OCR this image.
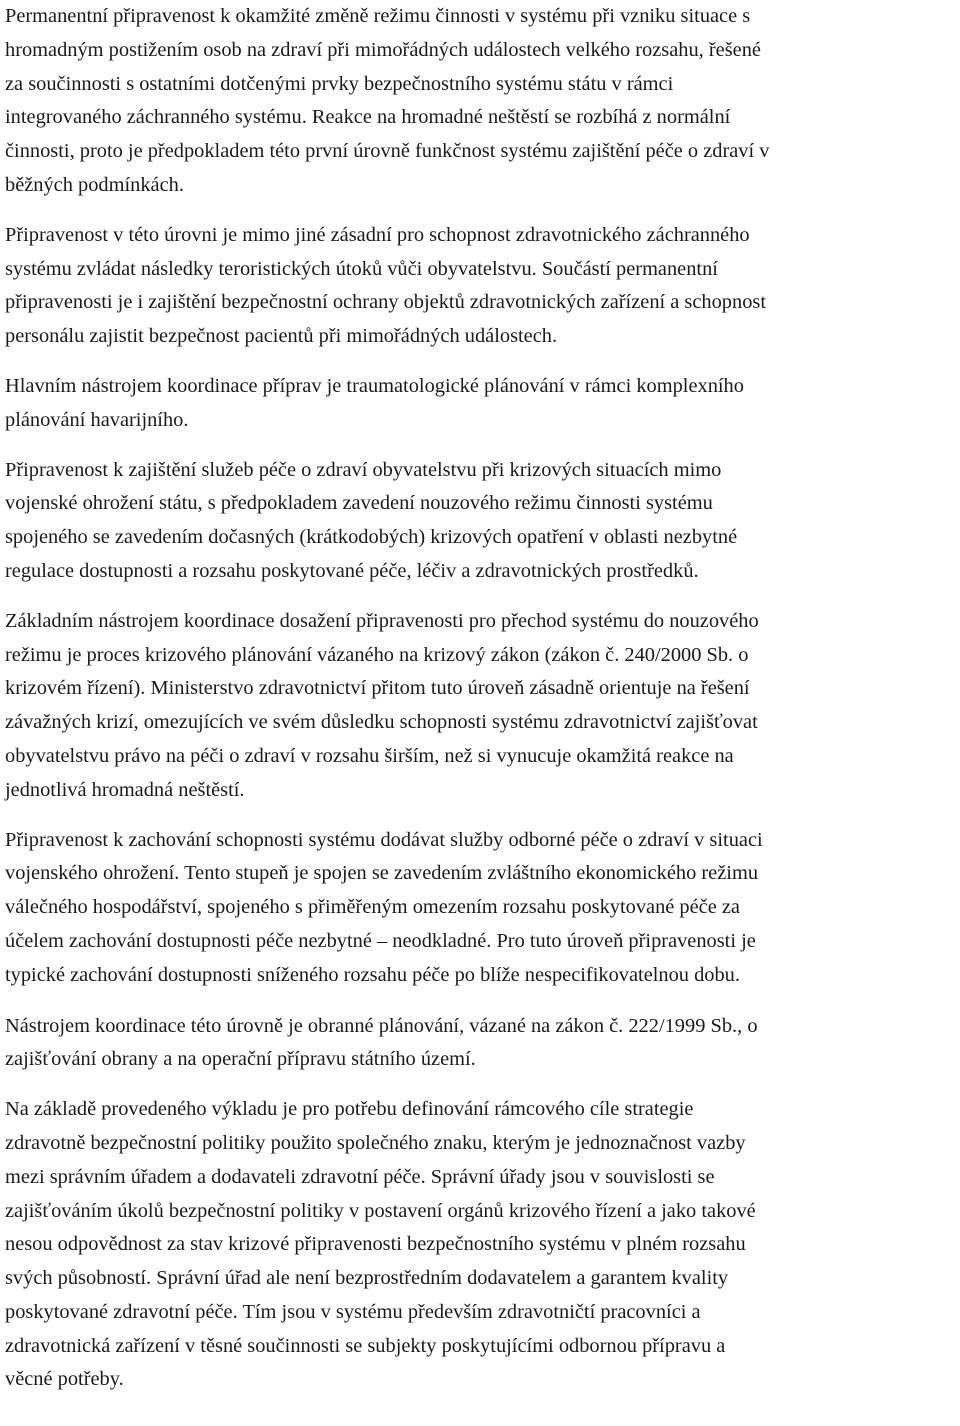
Permanentní připravenost k okamžité změně režimu činnosti v systému při vzniku situace s
hromadným postižením osob na zdraví při mimořádných událostech velkého rozsahu, řešené
za součinnosti s ostatními dotčenými prvky bezpečnostního systému státu v rámci
integrovaného záchranného systému. Reakce na hromadné neštěstí se rozbíhá z normální
činnosti, proto je předpokladem této první úrovně funkčnost systému zajištění péče o zdraví v
běžných podmínkách.

Připravenost v této úrovni je mimo jiné zásadní pro schopnost zdravotnického záchranného
systému zvládat následky teroristických útoků vůči obyvatelstvu. Součástí permanentní
připravenosti je i zajištění bezpečnostní ochrany objektů zdravotnických zařízení a schopnost
personálu zajistit bezpečnost pacientů při mimořádných událostech.

Hlavním nástrojem koordinace příprav je traumatologické plánování v rámci komplexního
plánování havarijního.

Připravenost k zajištění služeb péče o zdraví obyvatelstvu při krizových situacích mimo
vojenské ohrožení státu, s předpokladem zavedení nouzového režimu činnosti systému
spojeného se zavedením dočasných (krátkodobých) krizových opatření v oblasti nezbytné
regulace dostupnosti a rozsahu poskytované péče, léčiv a zdravotnických prostředků.

Základním nástrojem koordinace dosažení připravenosti pro přechod systému do nouzového
režimu je proces krizového plánování vázaného na krizový zákon (zákon č. 240/2000 Sb. o
krizovém řízení). Ministerstvo zdravotnictví přitom tuto úroveň zásadně orientuje na řešení
závažných krizí, omezujících ve svém důsledku schopnosti systému zdravotnictví zajišťovat
obyvatelstvu právo na péči o zdraví v rozsahu širším, než si vynucuje okamžitá reakce na
jednotlivá hromadná neštěstí.

Připravenost k zachování schopnosti systému dodávat služby odborné péče o zdraví v situaci
vojenského ohrožení. Tento stupeň je spojen se zavedením zvláštního ekonomického režimu
válečného hospodářství, spojeného s přiměřeným omezením rozsahu poskytované péče za
účelem zachování dostupnosti péče nezbytné – neodkladné. Pro tuto úroveň připravenosti je
typické zachování dostupnosti sníženého rozsahu péče po blíže nespecifikovatelnou dobu.

Nástrojem koordinace této úrovně je obranné plánování, vázané na zákon č. 222/1999 Sb., o
zajišťování obrany a na operační přípravu státního území.

Na základě provedeného výkladu je pro potřebu definování rámcového cíle strategie
zdravotně bezpečnostní politiky použito společného znaku, kterým je jednoznačnost vazby
mezi správním úřadem a dodavateli zdravotní péče. Správní úřady jsou v souvislosti se
zajišťováním úkolů bezpečnostní politiky v postavení orgánů krizového řízení a jako takové
nesou odpovědnost za stav krizové připravenosti bezpečnostního systému v plném rozsahu
svých působností. Správní úřad ale není bezprostředním dodavatelem a garantem kvality
poskytované zdravotní péče. Tím jsou v systému především zdravotničtí pracovníci a
zdravotnická zařízení v těsné součinnosti se subjekty poskytujícími odbornou přípravu a
věcné potřeby.
